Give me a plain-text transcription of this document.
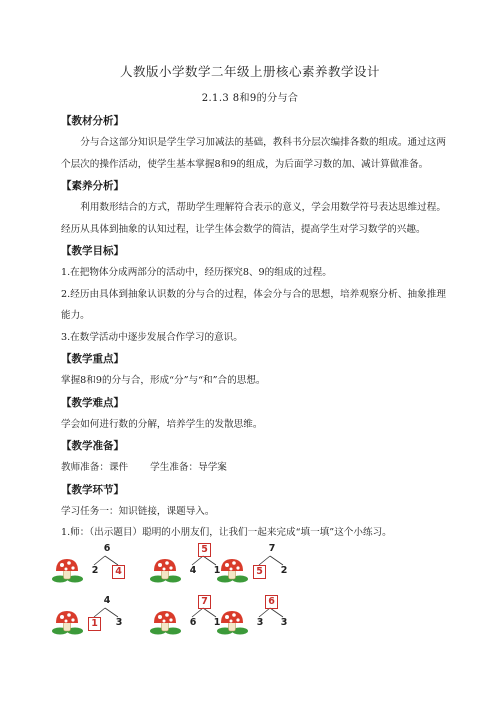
人教版小学数学二年级上册核心素养教学设计
2.1.3 8和9的分与合
【教材分析】

分与合这部分知识是学生学习加减法的基础，教科书分层次编排各数的组成。通过这两个层次的操作活动，使学生基本掌握8和9的组成，为后面学习数的加、减计算做准备。

【素养分析】

利用数形结合的方式，帮助学生理解符合表示的意义，学会用数学符号表达思维过程。经历从具体到抽象的认知过程，让学生体会数学的简洁，提高学生对学习数学的兴趣。

【教学目标】

1.在把物体分成两部分的活动中，经历探究8、9的组成的过程。

2.经历由具体到抽象认识数的分与合的过程，体会分与合的思想，培养观察分析、抽象推理能力。

3.在数学活动中逐步发展合作学习的意识。

【教学重点】

掌握8和9的分与合，形成“分”与“和”合的思想。

【教学难点】

学会如何进行数的分解，培养学生的发散思维。

【教学准备】

教师准备：课件 学生准备：导学案

【教学环节】

学习任务一：知识链接，课题导入。

1.师：（出示题目）聪明的小朋友们，让我们一起来完成“填一填”这个小练习。

6
2	4
5
4	1
7
5	2
4
1	3
7
6	1
6
3	3
